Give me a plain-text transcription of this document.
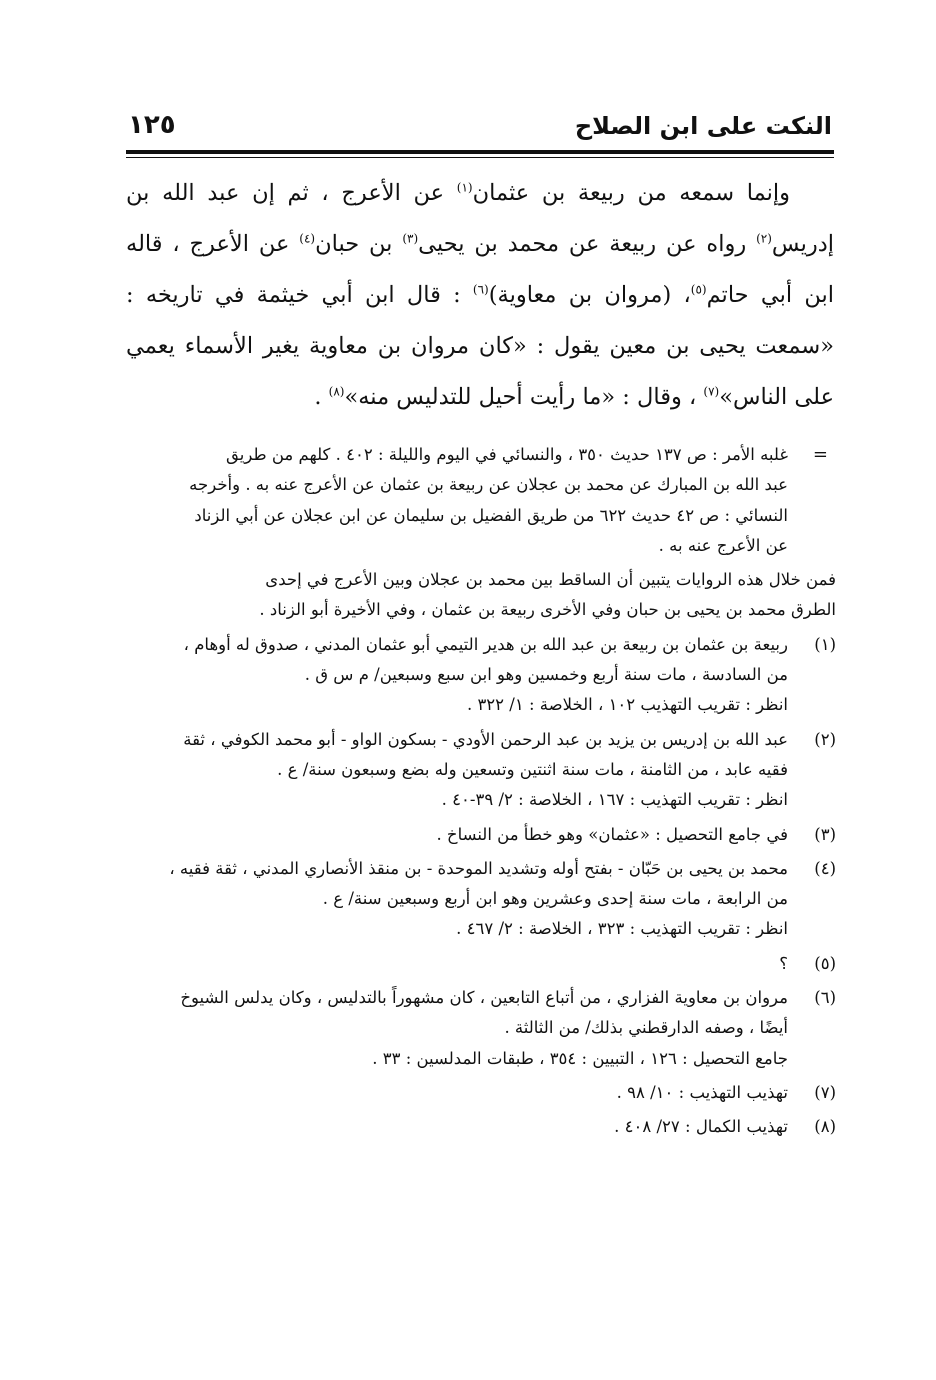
النكت على ابن الصلاح
١٢٥

وإنما سمعه من ربيعة بن عثمان$^{(١)}$ عن الأعرج ، ثم إن عبد الله بن إدريس$^{(٢)}$ رواه عن ربيعة عن محمد بن يحيى$^{(٣)}$ بن حبان$^{(٤)}$ عن الأعرج ، قاله ابن أبي حاتم$^{(٥)}$، (مروان بن معاوية)$^{(٦)}$ : قال ابن أبي خيثمة في تاريخه : «سمعت يحيى بن معين يقول : «كان مروان بن معاوية يغير الأسماء يعمي على الناس»$^{(٧)}$ ، وقال : «ما رأيت أحيل للتدليس منه»$^{(٨)}$ .

=
غلبه الأمر : ص ١٣٧ حديث ٣٥٠ ، والنسائي في اليوم والليلة : ٤٠٢ . كلهم من طريق
عبد الله بن المبارك عن محمد بن عجلان عن ربيعة بن عثمان عن الأعرج عنه به . وأخرجه
النسائي : ص ٤٢ حديث ٦٢٢ من طريق الفضيل بن سليمان عن ابن عجلان عن أبي الزناد
عن الأعرج عنه به .
فمن خلال هذه الروايات يتبين أن الساقط بين محمد بن عجلان وبين الأعرج في إحدى
الطرق محمد بن يحيى بن حبان وفي الأخرى ربيعة بن عثمان ، وفي الأخيرة أبو الزناد .
(١)
ربيعة بن عثمان بن ربيعة بن عبد الله بن هدير التيمي أبو عثمان المدني ، صدوق له أوهام ،
من السادسة ، مات سنة أربع وخمسين وهو ابن سبع وسبعين/ م س ق .
انظر : تقريب التهذيب ١٠٢ ، الخلاصة : ١/ ٣٢٢ .
(٢)
عبد الله بن إدريس بن يزيد بن عبد الرحمن الأودي - بسكون الواو - أبو محمد الكوفي ، ثقة
فقيه عابد ، من الثامنة ، مات سنة اثنتين وتسعين وله بضع وسبعون سنة/ ع .
انظر : تقريب التهذيب : ١٦٧ ، الخلاصة : ٢/ ٣٩-٤٠ .
(٣)
في جامع التحصيل : «عثمان» وهو خطأ من النساخ .
(٤)
محمد بن يحيى بن حَبّان - بفتح أوله وتشديد الموحدة - بن منقذ الأنصاري المدني ، ثقة فقيه ،
من الرابعة ، مات سنة إحدى وعشرين وهو ابن أربع وسبعين سنة/ ع .
انظر : تقريب التهذيب : ٣٢٣ ، الخلاصة : ٢/ ٤٦٧ .
(٥)
؟
(٦)
مروان بن معاوية الفزاري ، من أتباع التابعين ، كان مشهوراً بالتدليس ، وكان يدلس الشيوخ
أيضًا ، وصفه الدارقطني بذلك/ من الثالثة .
جامع التحصيل : ١٢٦ ، التبيين : ٣٥٤ ، طبقات المدلسين : ٣٣ .
(٧)
تهذيب التهذيب : ١٠/ ٩٨ .
(٨)
تهذيب الكمال : ٢٧/ ٤٠٨ .
